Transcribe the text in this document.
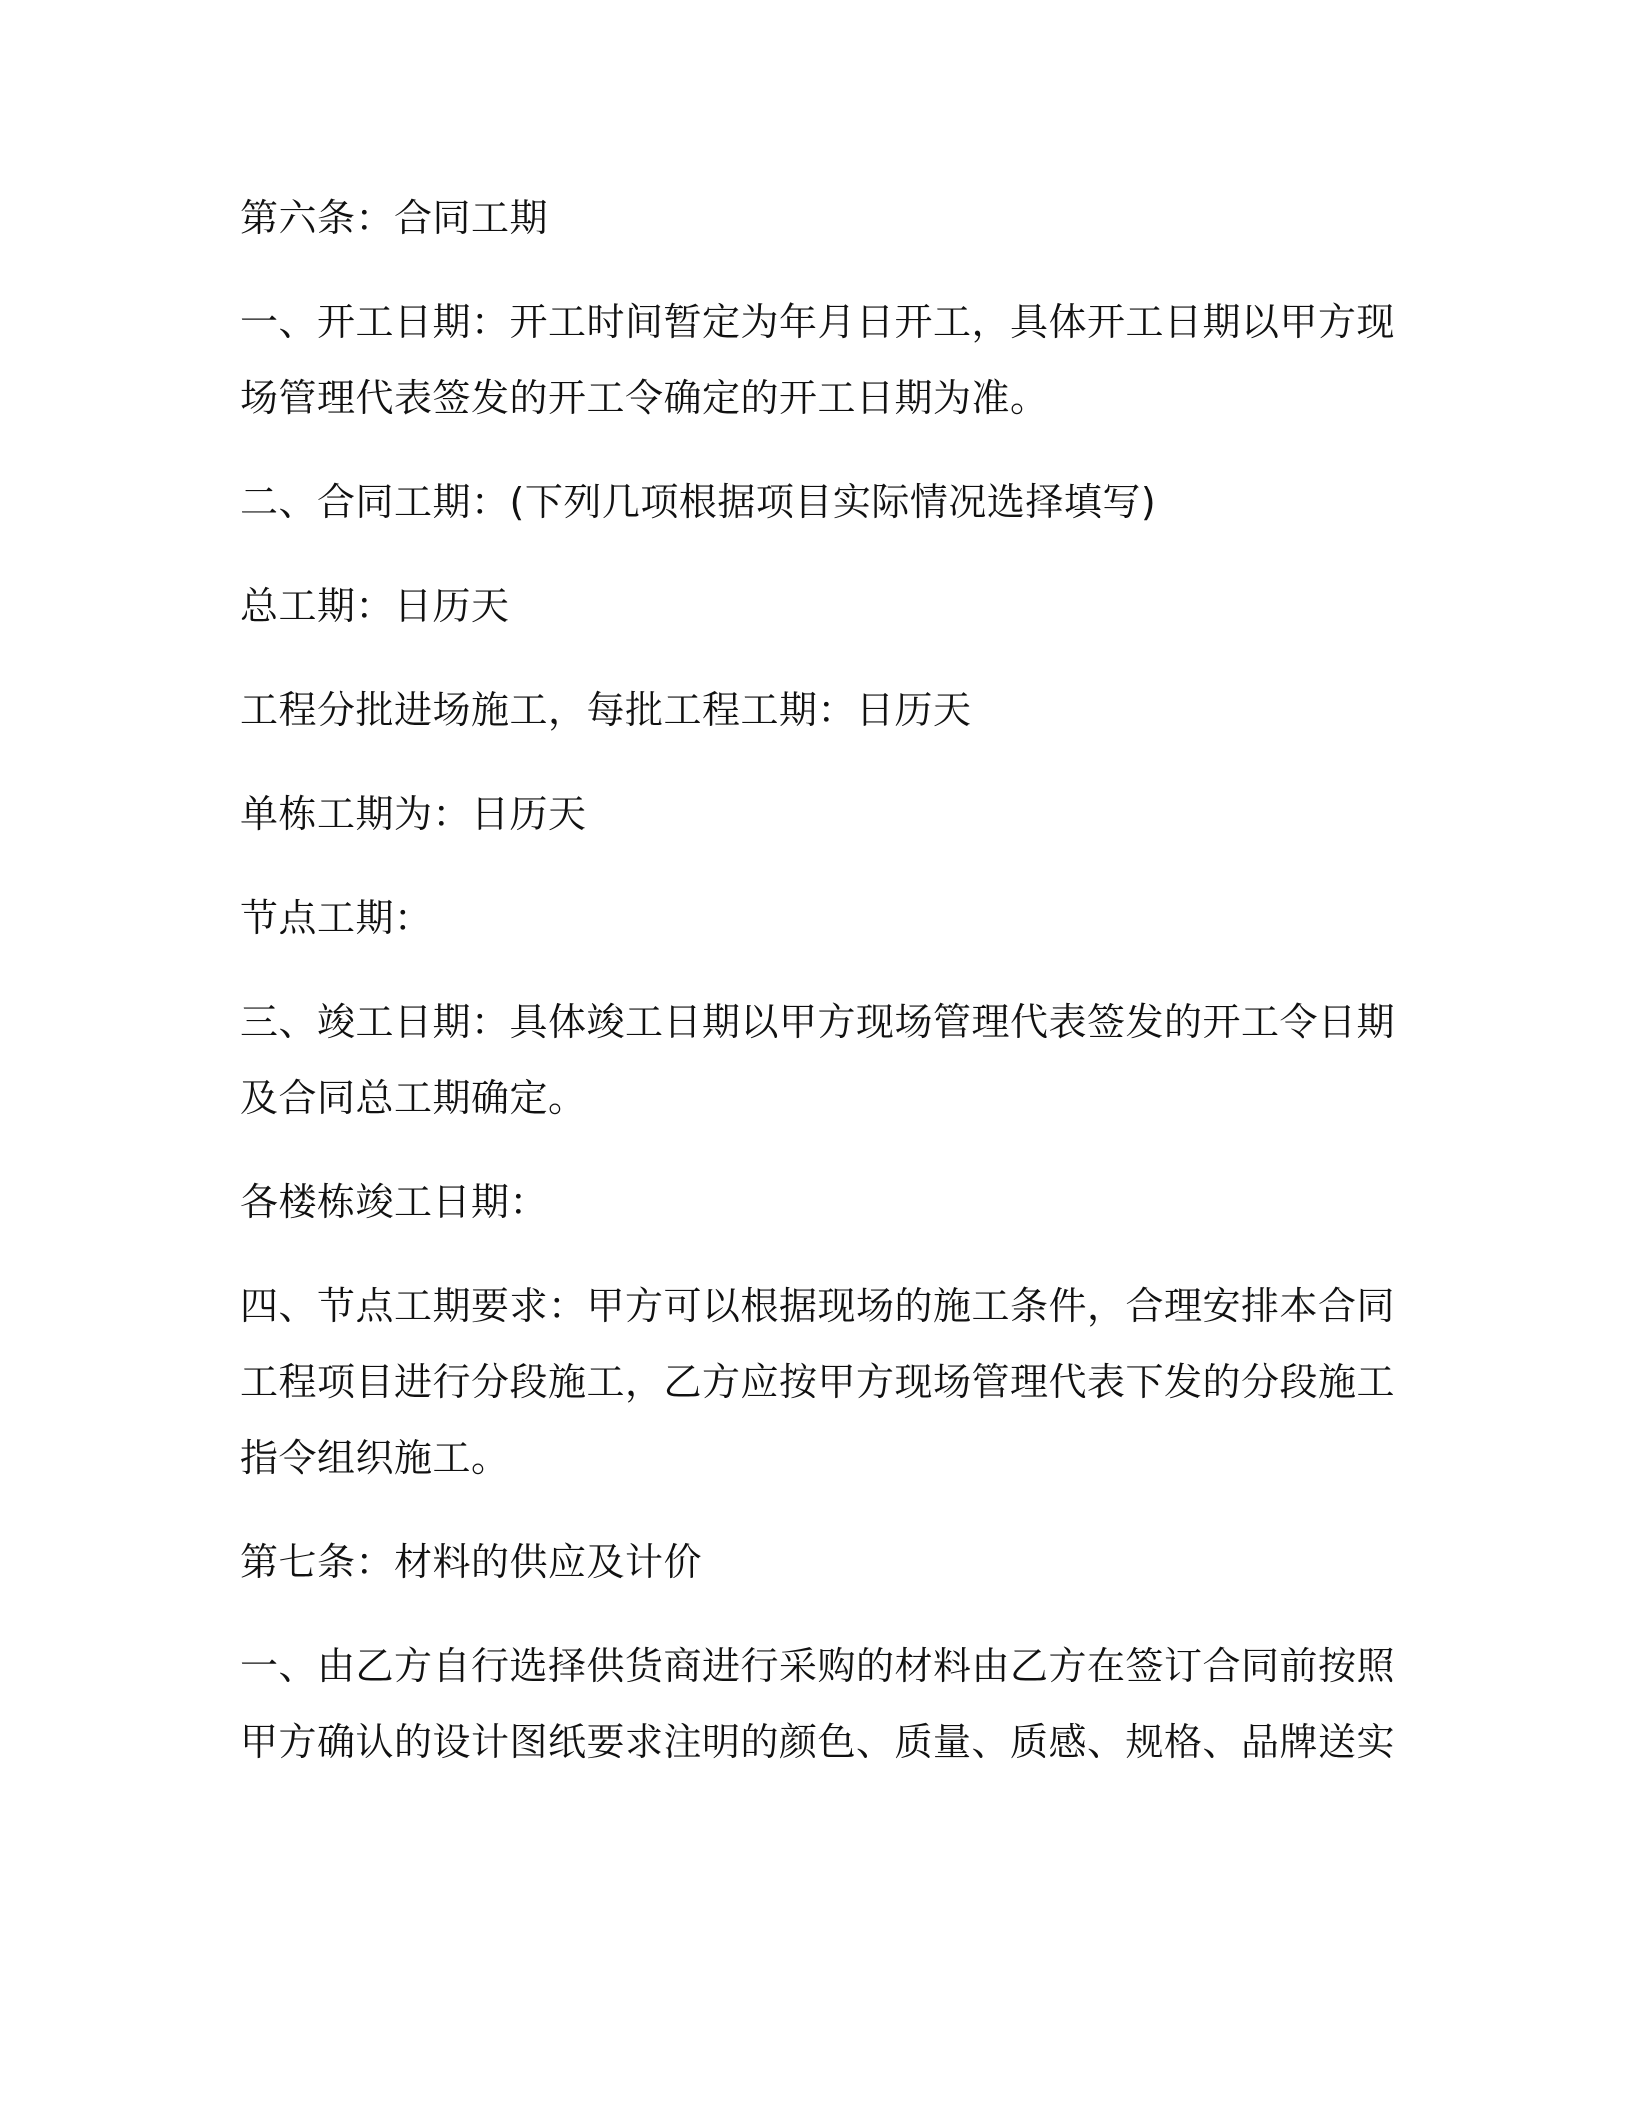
第六条：合同工期

一、开工日期：开工时间暂定为年月日开工，具体开工日期以甲方现

场管理代表签发的开工令确定的开工日期为准。

二、合同工期：(下列几项根据项目实际情况选择填写)

总工期：日历天

工程分批进场施工，每批工程工期：日历天

单栋工期为：日历天

节点工期：

三、竣工日期：具体竣工日期以甲方现场管理代表签发的开工令日期

及合同总工期确定。

各楼栋竣工日期：

四、节点工期要求：甲方可以根据现场的施工条件，合理安排本合同

工程项目进行分段施工，乙方应按甲方现场管理代表下发的分段施工

指令组织施工。

第七条：材料的供应及计价

一、由乙方自行选择供货商进行采购的材料由乙方在签订合同前按照

甲方确认的设计图纸要求注明的颜色、质量、质感、规格、品牌送实
